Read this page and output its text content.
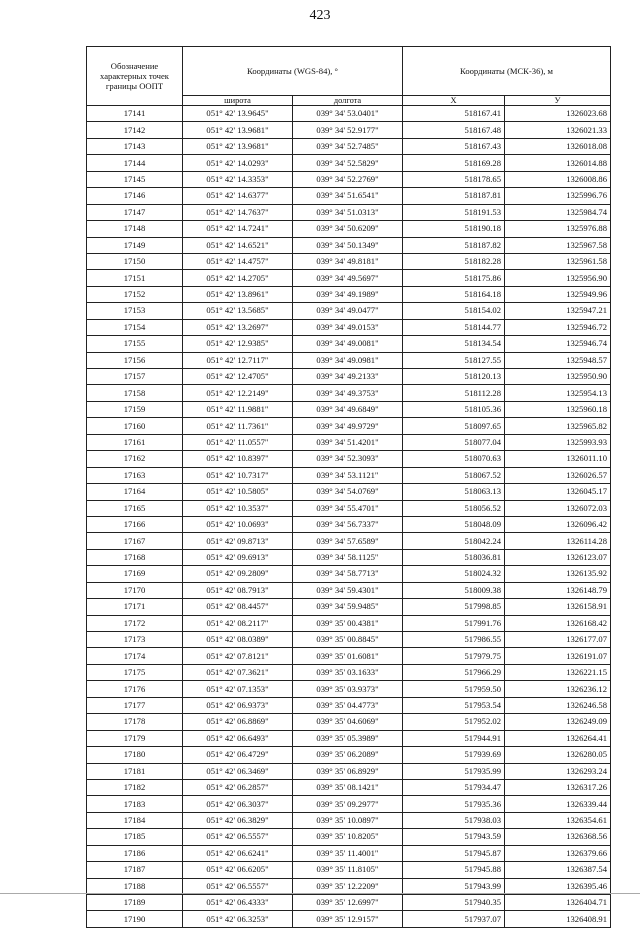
423
Обозначение характерных точек границы ООПТ	Координаты (WGS-84), °		Координаты (МСК-36), м	
	широта	долгота	X	У
17141	051° 42' 13.9645"	039° 34' 53.0401"	518167.41	1326023.68
17142	051° 42' 13.9681"	039° 34' 52.9177"	518167.48	1326021.33
17143	051° 42' 13.9681"	039° 34' 52.7485"	518167.43	1326018.08
17144	051° 42' 14.0293"	039° 34' 52.5829"	518169.28	1326014.88
17145	051° 42' 14.3353"	039° 34' 52.2769"	518178.65	1326008.86
17146	051° 42' 14.6377"	039° 34' 51.6541"	518187.81	1325996.76
17147	051° 42' 14.7637"	039° 34' 51.0313"	518191.53	1325984.74
17148	051° 42' 14.7241"	039° 34' 50.6209"	518190.18	1325976.88
17149	051° 42' 14.6521"	039° 34' 50.1349"	518187.82	1325967.58
17150	051° 42' 14.4757"	039° 34' 49.8181"	518182.28	1325961.58
17151	051° 42' 14.2705"	039° 34' 49.5697"	518175.86	1325956.90
17152	051° 42' 13.8961"	039° 34' 49.1989"	518164.18	1325949.96
17153	051° 42' 13.5685"	039° 34' 49.0477"	518154.02	1325947.21
17154	051° 42' 13.2697"	039° 34' 49.0153"	518144.77	1325946.72
17155	051° 42' 12.9385"	039° 34' 49.0081"	518134.54	1325946.74
17156	051° 42' 12.7117"	039° 34' 49.0981"	518127.55	1325948.57
17157	051° 42' 12.4705"	039° 34' 49.2133"	518120.13	1325950.90
17158	051° 42' 12.2149"	039° 34' 49.3753"	518112.28	1325954.13
17159	051° 42' 11.9881"	039° 34' 49.6849"	518105.36	1325960.18
17160	051° 42' 11.7361"	039° 34' 49.9729"	518097.65	1325965.82
17161	051° 42' 11.0557"	039° 34' 51.4201"	518077.04	1325993.93
17162	051° 42' 10.8397"	039° 34' 52.3093"	518070.63	1326011.10
17163	051° 42' 10.7317"	039° 34' 53.1121"	518067.52	1326026.57
17164	051° 42' 10.5805"	039° 34' 54.0769"	518063.13	1326045.17
17165	051° 42' 10.3537"	039° 34' 55.4701"	518056.52	1326072.03
17166	051° 42' 10.0693"	039° 34' 56.7337"	518048.09	1326096.42
17167	051° 42' 09.8713"	039° 34' 57.6589"	518042.24	1326114.28
17168	051° 42' 09.6913"	039° 34' 58.1125"	518036.81	1326123.07
17169	051° 42' 09.2809"	039° 34' 58.7713"	518024.32	1326135.92
17170	051° 42' 08.7913"	039° 34' 59.4301"	518009.38	1326148.79
17171	051° 42' 08.4457"	039° 34' 59.9485"	517998.85	1326158.91
17172	051° 42' 08.2117"	039° 35' 00.4381"	517991.76	1326168.42
17173	051° 42' 08.0389"	039° 35' 00.8845"	517986.55	1326177.07
17174	051° 42' 07.8121"	039° 35' 01.6081"	517979.75	1326191.07
17175	051° 42' 07.3621"	039° 35' 03.1633"	517966.29	1326221.15
17176	051° 42' 07.1353"	039° 35' 03.9373"	517959.50	1326236.12
17177	051° 42' 06.9373"	039° 35' 04.4773"	517953.54	1326246.58
17178	051° 42' 06.8869"	039° 35' 04.6069"	517952.02	1326249.09
17179	051° 42' 06.6493"	039° 35' 05.3989"	517944.91	1326264.41
17180	051° 42' 06.4729"	039° 35' 06.2089"	517939.69	1326280.05
17181	051° 42' 06.3469"	039° 35' 06.8929"	517935.99	1326293.24
17182	051° 42' 06.2857"	039° 35' 08.1421"	517934.47	1326317.26
17183	051° 42' 06.3037"	039° 35' 09.2977"	517935.36	1326339.44
17184	051° 42' 06.3829"	039° 35' 10.0897"	517938.03	1326354.61
17185	051° 42' 06.5557"	039° 35' 10.8205"	517943.59	1326368.56
17186	051° 42' 06.6241"	039° 35' 11.4001"	517945.87	1326379.66
17187	051° 42' 06.6205"	039° 35' 11.8105"	517945.88	1326387.54
17188	051° 42' 06.5557"	039° 35' 12.2209"	517943.99	1326395.46
17189	051° 42' 06.4333"	039° 35' 12.6997"	517940.35	1326404.71
17190	051° 42' 06.3253"	039° 35' 12.9157"	517937.07	1326408.91
